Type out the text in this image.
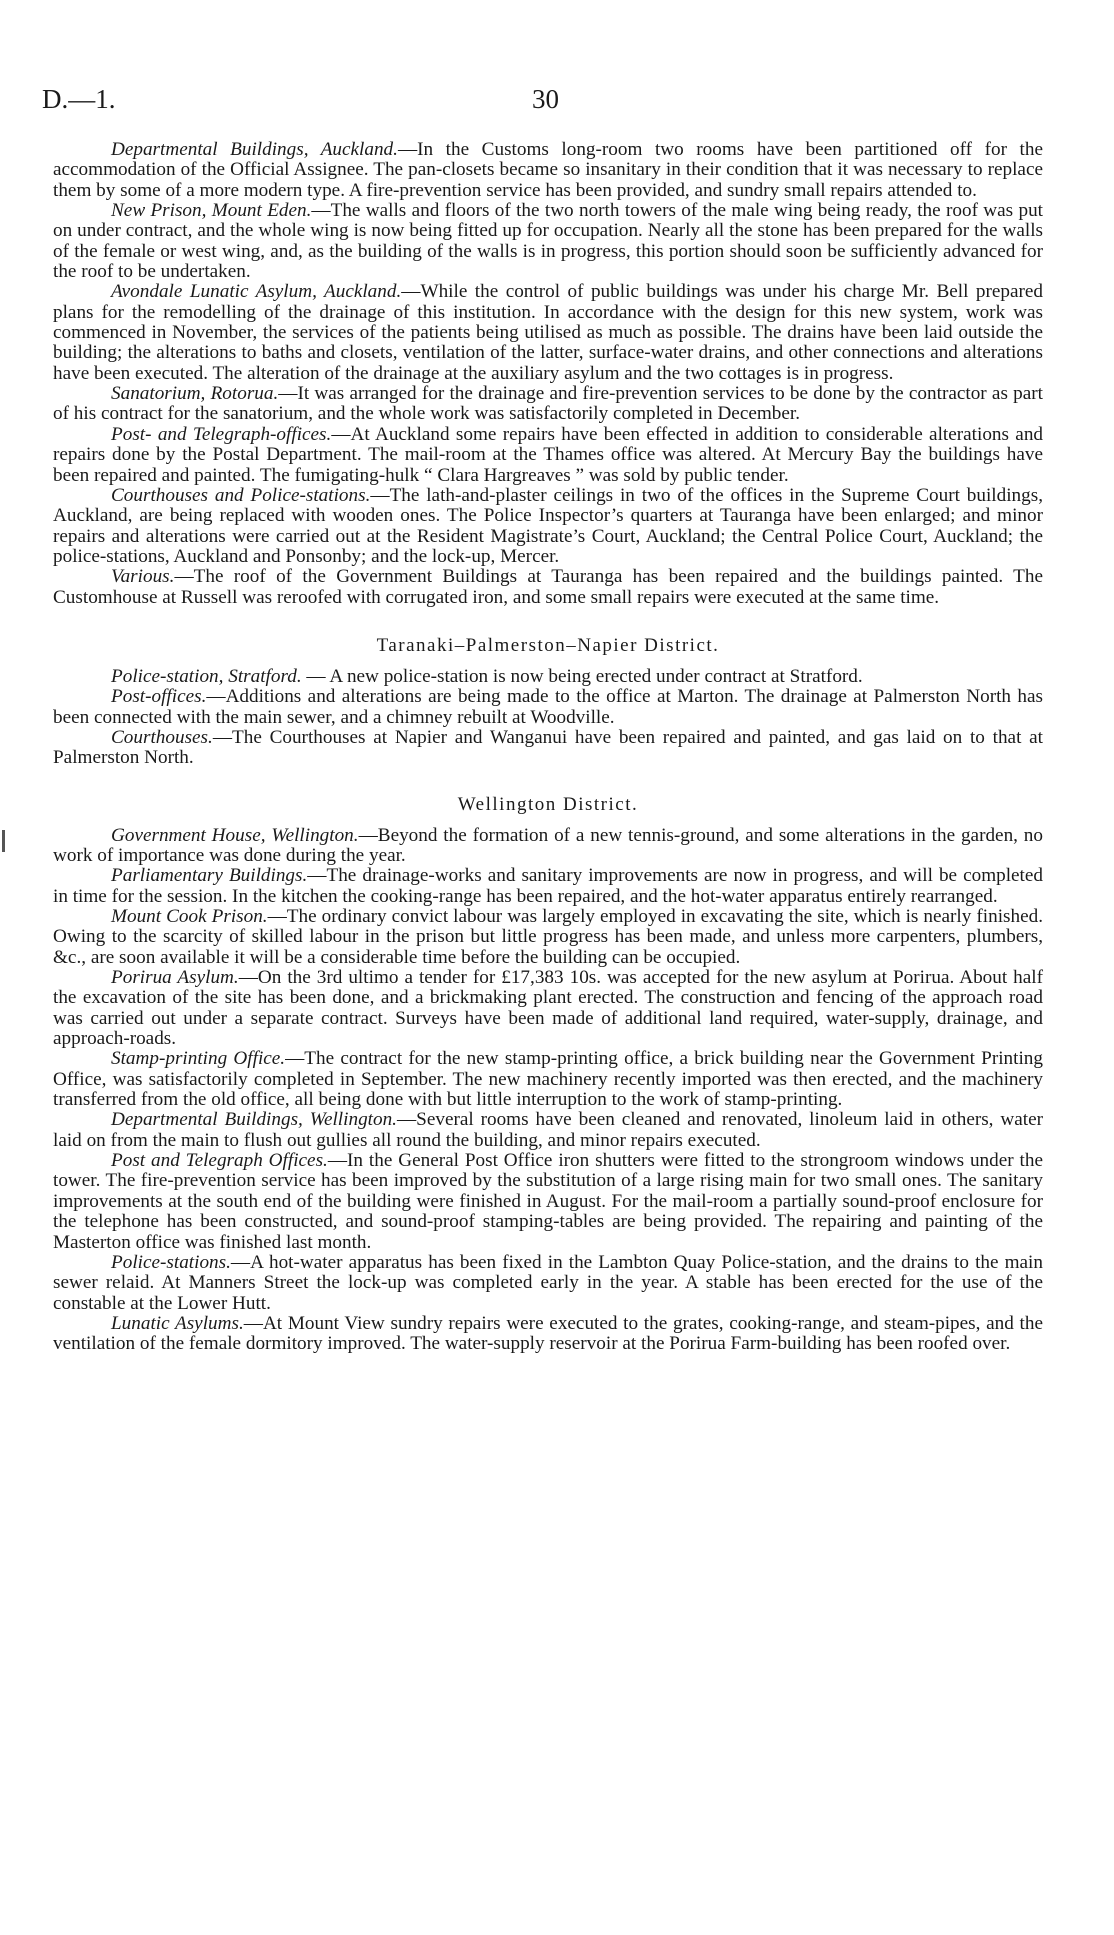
D.—1.	30

Departmental Buildings, Auckland.—In the Customs long-room two rooms have been partitioned off for the accommodation of the Official Assignee. The pan-closets became so insanitary in their condition that it was necessary to replace them by some of a more modern type. A fire-prevention service has been provided, and sundry small repairs attended to.

New Prison, Mount Eden.—The walls and floors of the two north towers of the male wing being ready, the roof was put on under contract, and the whole wing is now being fitted up for occupation. Nearly all the stone has been prepared for the walls of the female or west wing, and, as the building of the walls is in progress, this portion should soon be sufficiently advanced for the roof to be undertaken.

Avondale Lunatic Asylum, Auckland.—While the control of public buildings was under his charge Mr. Bell prepared plans for the remodelling of the drainage of this institution. In accordance with the design for this new system, work was commenced in November, the services of the patients being utilised as much as possible. The drains have been laid outside the building; the alterations to baths and closets, ventilation of the latter, surface-water drains, and other connections and alterations have been executed. The alteration of the drainage at the auxiliary asylum and the two cottages is in progress.

Sanatorium, Rotorua.—It was arranged for the drainage and fire-prevention services to be done by the contractor as part of his contract for the sanatorium, and the whole work was satisfactorily completed in December.

Post- and Telegraph-offices.—At Auckland some repairs have been effected in addition to considerable alterations and repairs done by the Postal Department. The mail-room at the Thames office was altered. At Mercury Bay the buildings have been repaired and painted. The fumigating-hulk “ Clara Hargreaves ” was sold by public tender.

Courthouses and Police-stations.—The lath-and-plaster ceilings in two of the offices in the Supreme Court buildings, Auckland, are being replaced with wooden ones. The Police Inspector’s quarters at Tauranga have been enlarged; and minor repairs and alterations were carried out at the Resident Magistrate’s Court, Auckland; the Central Police Court, Auckland; the police-stations, Auckland and Ponsonby; and the lock-up, Mercer.

Various.—The roof of the Government Buildings at Tauranga has been repaired and the buildings painted. The Customhouse at Russell was reroofed with corrugated iron, and some small repairs were executed at the same time.

Taranaki–Palmerston–Napier District.

Police-station, Stratford. — A new police-station is now being erected under contract at Stratford.

Post-offices.—Additions and alterations are being made to the office at Marton. The drainage at Palmerston North has been connected with the main sewer, and a chimney rebuilt at Woodville.

Courthouses.—The Courthouses at Napier and Wanganui have been repaired and painted, and gas laid on to that at Palmerston North.

Wellington District.

Government House, Wellington.—Beyond the formation of a new tennis-ground, and some alterations in the garden, no work of importance was done during the year.

Parliamentary Buildings.—The drainage-works and sanitary improvements are now in progress, and will be completed in time for the session. In the kitchen the cooking-range has been repaired, and the hot-water apparatus entirely rearranged.

Mount Cook Prison.—The ordinary convict labour was largely employed in excavating the site, which is nearly finished. Owing to the scarcity of skilled labour in the prison but little progress has been made, and unless more carpenters, plumbers, &c., are soon available it will be a considerable time before the building can be occupied.

Porirua Asylum.—On the 3rd ultimo a tender for £17,383 10s. was accepted for the new asylum at Porirua. About half the excavation of the site has been done, and a brickmaking plant erected. The construction and fencing of the approach road was carried out under a separate contract. Surveys have been made of additional land required, water-supply, drainage, and approach-roads.

Stamp-printing Office.—The contract for the new stamp-printing office, a brick building near the Government Printing Office, was satisfactorily completed in September. The new machinery recently imported was then erected, and the machinery transferred from the old office, all being done with but little interruption to the work of stamp-printing.

Departmental Buildings, Wellington.—Several rooms have been cleaned and renovated, linoleum laid in others, water laid on from the main to flush out gullies all round the building, and minor repairs executed.

Post and Telegraph Offices.—In the General Post Office iron shutters were fitted to the strongroom windows under the tower. The fire-prevention service has been improved by the substitution of a large rising main for two small ones. The sanitary improvements at the south end of the building were finished in August. For the mail-room a partially sound-proof enclosure for the telephone has been constructed, and sound-proof stamping-tables are being provided. The repairing and painting of the Masterton office was finished last month.

Police-stations.—A hot-water apparatus has been fixed in the Lambton Quay Police-station, and the drains to the main sewer relaid. At Manners Street the lock-up was completed early in the year. A stable has been erected for the use of the constable at the Lower Hutt.

Lunatic Asylums.—At Mount View sundry repairs were executed to the grates, cooking-range, and steam-pipes, and the ventilation of the female dormitory improved. The water-supply reservoir at the Porirua Farm-building has been roofed over.
